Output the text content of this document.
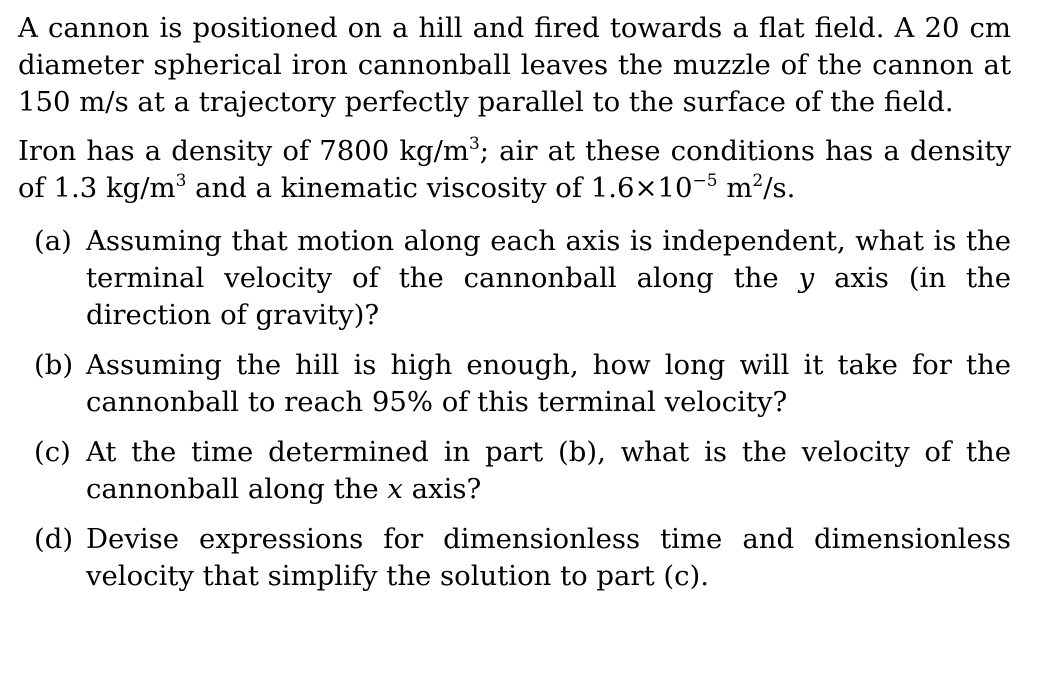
A cannon is positioned on a hill and fired towards a flat field. A 20 cm diameter spherical iron cannonball leaves the muzzle of the cannon at 150 m/s at a trajectory perfectly parallel to the surface of the field.

Iron has a density of 7800 $kg/m^3$; air at these conditions has a density of 1.3 $kg/m^3$ and a kinematic viscosity of $1.6\times 10^{-5}$ $m^2/s$.

(a) Assuming that motion along each axis is independent, what is the terminal velocity of the cannonball along the y axis (in the direction of gravity)?
(b) Assuming the hill is high enough, how long will it take for the cannonball to reach 95% of this terminal velocity?
(c) At the time determined in part (b), what is the velocity of the cannonball along the x axis?
(d) Devise expressions for dimensionless time and dimensionless velocity that simplify the solution to part (c).
